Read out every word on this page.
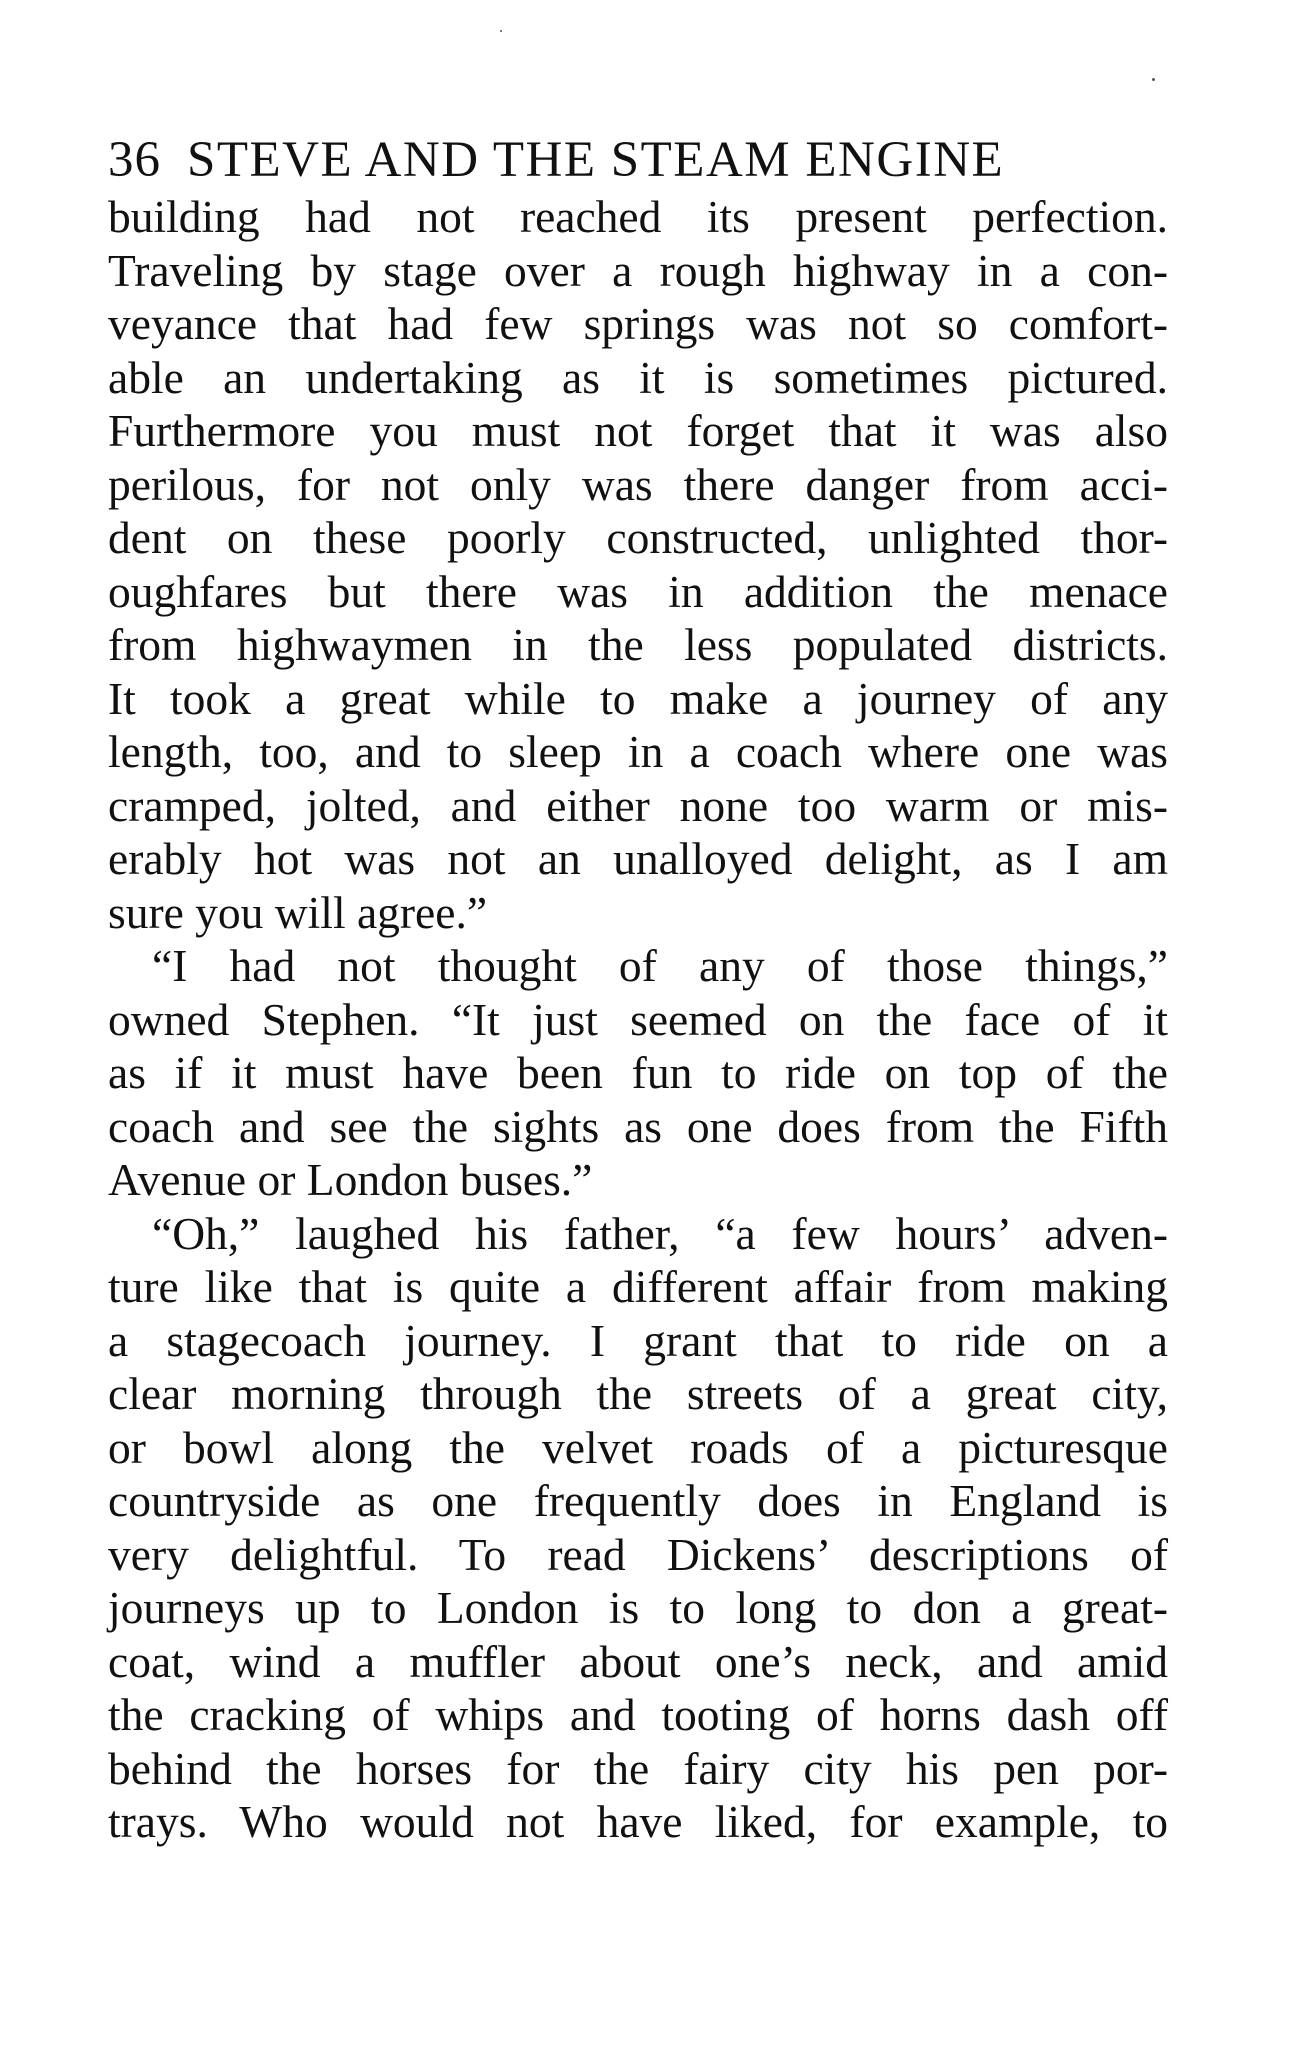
36 STEVE AND THE STEAM ENGINE
building had not reached its present perfection.
Traveling by stage over a rough highway in a con-
veyance that had few springs was not so comfort-
able an undertaking as it is sometimes pictured.
Furthermore you must not forget that it was also
perilous, for not only was there danger from acci-
dent on these poorly constructed, unlighted thor-
oughfares but there was in addition the menace
from highwaymen in the less populated districts.
It took a great while to make a journey of any
length, too, and to sleep in a coach where one was
cramped, jolted, and either none too warm or mis-
erably hot was not an unalloyed delight, as I am
sure you will agree.”
“I had not thought of any of those things,”
owned Stephen. “It just seemed on the face of it
as if it must have been fun to ride on top of the
coach and see the sights as one does from the Fifth
Avenue or London buses.”
“Oh,” laughed his father, “a few hours’ adven-
ture like that is quite a different affair from making
a stagecoach journey. I grant that to ride on a
clear morning through the streets of a great city,
or bowl along the velvet roads of a picturesque
countryside as one frequently does in England is
very delightful. To read Dickens’ descriptions of
journeys up to London is to long to don a great-
coat, wind a muffler about one’s neck, and amid
the cracking of whips and tooting of horns dash off
behind the horses for the fairy city his pen por-
trays. Who would not have liked, for example, to
